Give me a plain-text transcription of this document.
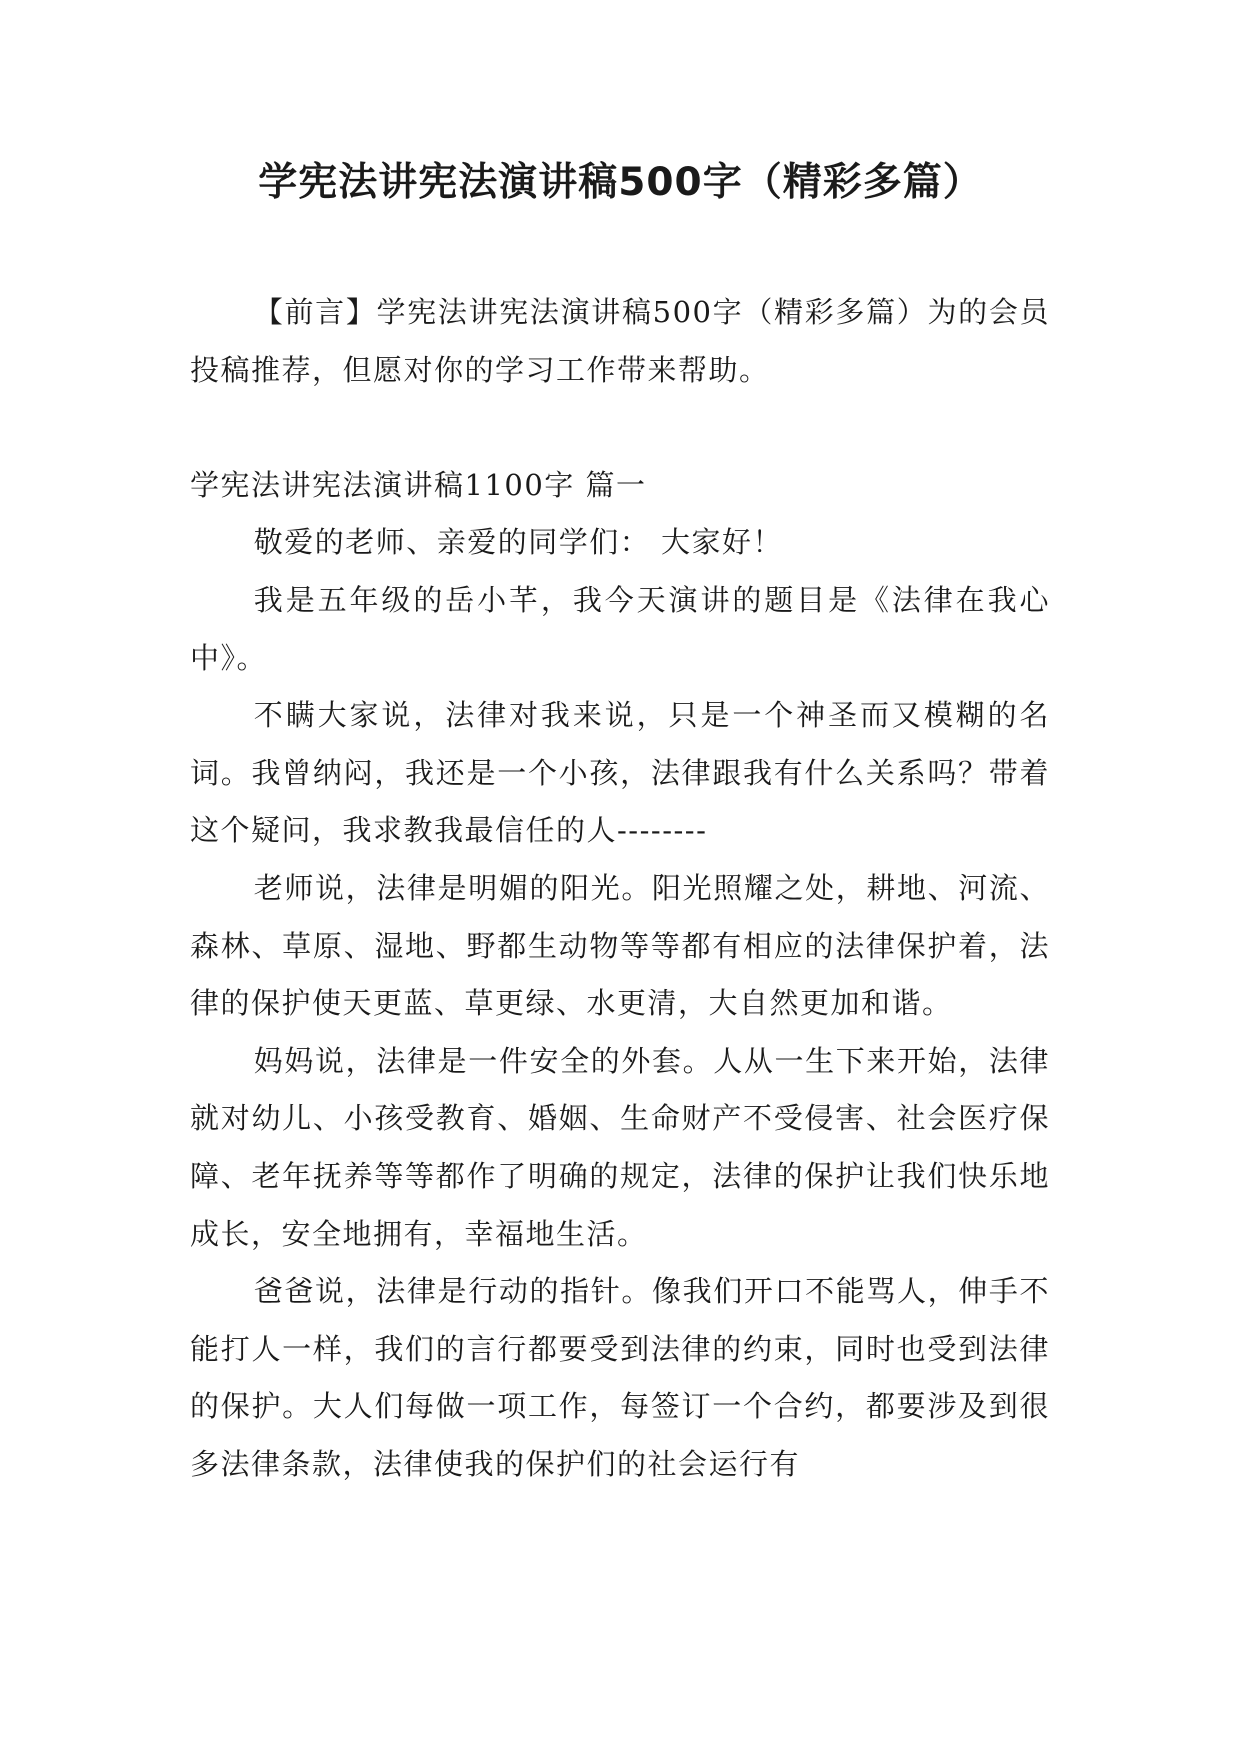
学宪法讲宪法演讲稿500字（精彩多篇）

【前言】学宪法讲宪法演讲稿500字（精彩多篇）为的会员投稿推荐，但愿对你的学习工作带来帮助。

学宪法讲宪法演讲稿1100字 篇一

敬爱的老师、亲爱的同学们： 大家好！

我是五年级的岳小芊，我今天演讲的题目是《法律在我心中》。

不瞒大家说，法律对我来说，只是一个神圣而又模糊的名词。我曾纳闷，我还是一个小孩，法律跟我有什么关系吗？带着这个疑问，我求教我最信任的人--------

老师说，法律是明媚的阳光。阳光照耀之处，耕地、河流、森林、草原、湿地、野都生动物等等都有相应的法律保护着，法律的保护使天更蓝、草更绿、水更清，大自然更加和谐。

妈妈说，法律是一件安全的外套。人从一生下来开始，法律就对幼儿、小孩受教育、婚姻、生命财产不受侵害、社会医疗保障、老年抚养等等都作了明确的规定，法律的保护让我们快乐地成长，安全地拥有，幸福地生活。

爸爸说，法律是行动的指针。像我们开口不能骂人，伸手不能打人一样，我们的言行都要受到法律的约束，同时也受到法律的保护。大人们每做一项工作，每签订一个合约，都要涉及到很多法律条款，法律使我的保护们的社会运行有
